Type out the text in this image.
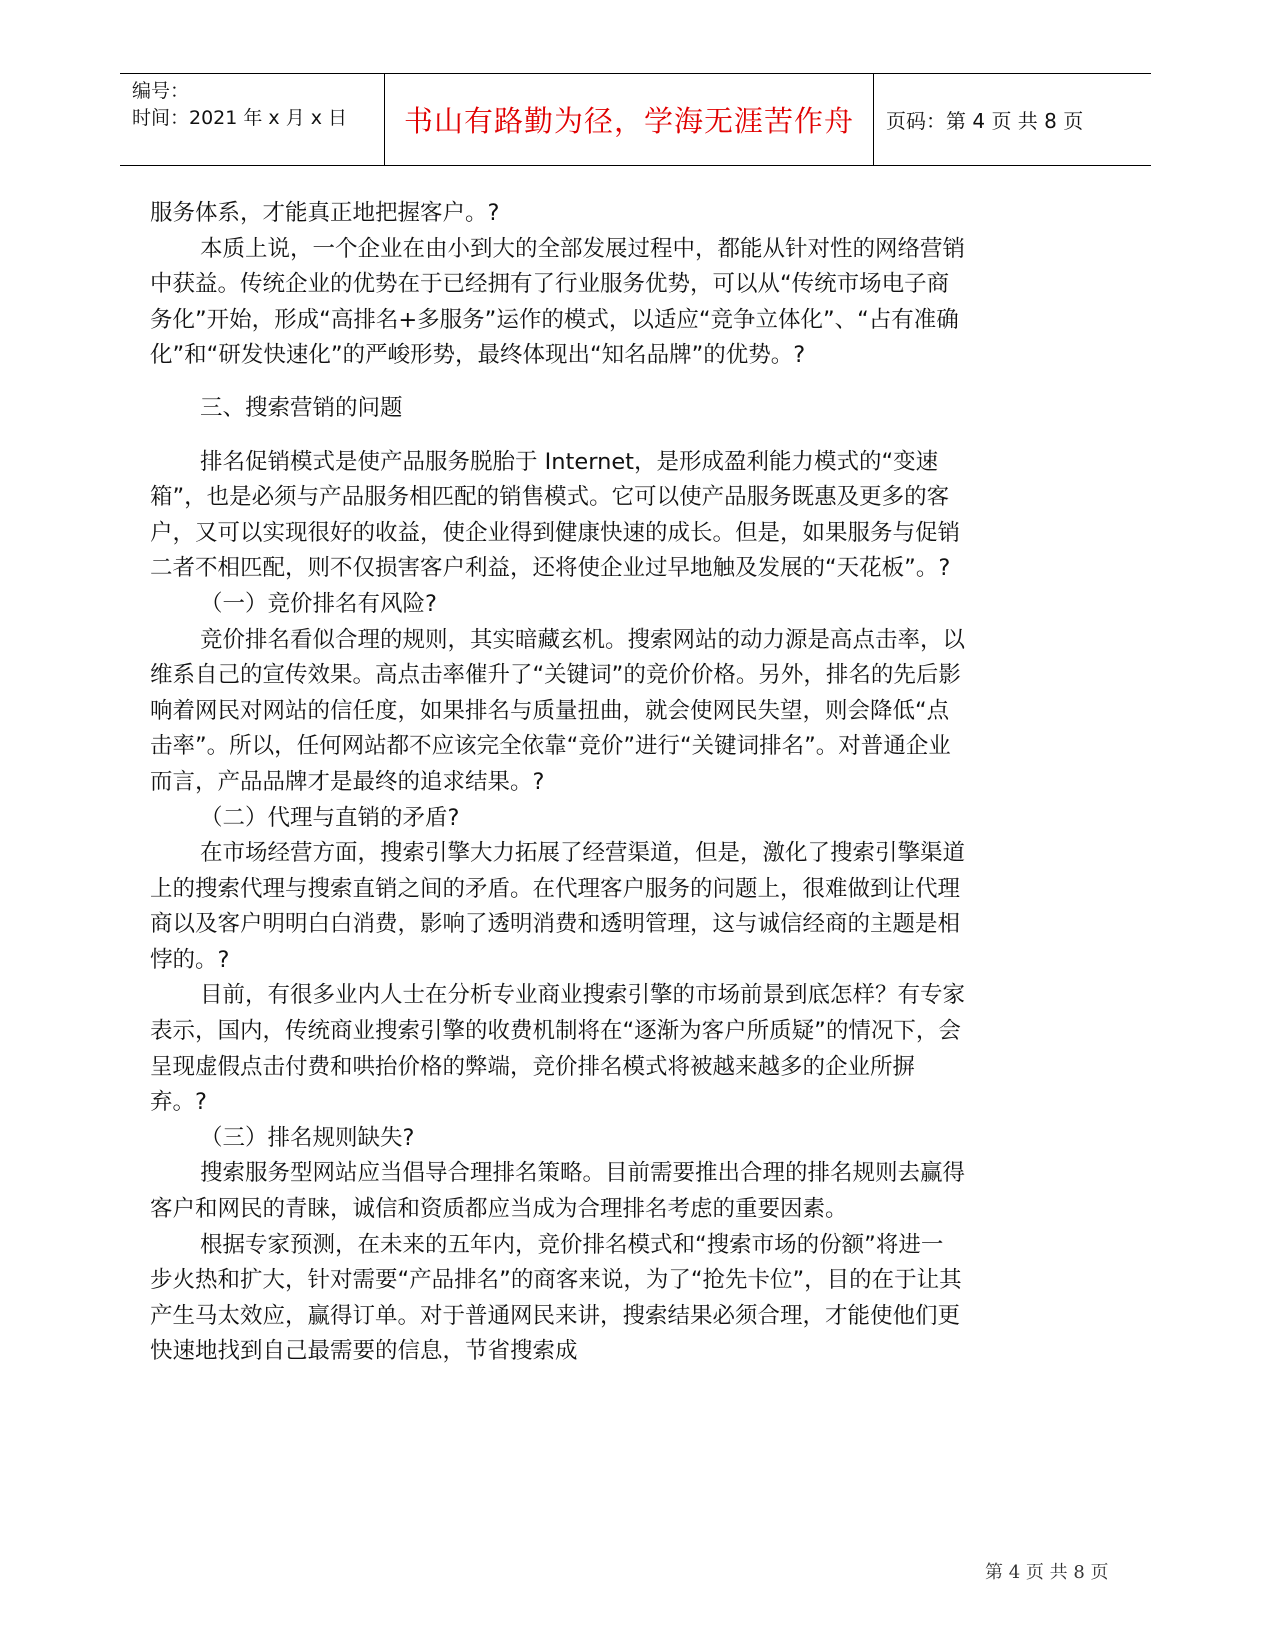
编号：
时间：2021 年 x 月 x 日	书山有路勤为径，学海无涯苦作舟	页码：第 4 页 共 8 页

服务体系，才能真正地把握客户。?

本质上说，一个企业在由小到大的全部发展过程中，都能从针对性的网络营销中获益。传统企业的优势在于已经拥有了行业服务优势，可以从“传统市场电子商务化”开始，形成“高排名+多服务”运作的模式，以适应“竞争立体化”、“占有准确化”和“研发快速化”的严峻形势，最终体现出“知名品牌”的优势。?

三、搜索营销的问题

排名促销模式是使产品服务脱胎于 Internet，是形成盈利能力模式的“变速箱”，也是必须与产品服务相匹配的销售模式。它可以使产品服务既惠及更多的客户，又可以实现很好的收益，使企业得到健康快速的成长。但是，如果服务与促销二者不相匹配，则不仅损害客户利益，还将使企业过早地触及发展的“天花板”。?

（一）竞价排名有风险?

竞价排名看似合理的规则，其实暗藏玄机。搜索网站的动力源是高点击率，以维系自己的宣传效果。高点击率催升了“关键词”的竞价价格。另外，排名的先后影响着网民对网站的信任度，如果排名与质量扭曲，就会使网民失望，则会降低“点击率”。所以，任何网站都不应该完全依靠“竞价”进行“关键词排名”。对普通企业而言，产品品牌才是最终的追求结果。?

（二）代理与直销的矛盾?

在市场经营方面，搜索引擎大力拓展了经营渠道，但是，激化了搜索引擎渠道上的搜索代理与搜索直销之间的矛盾。在代理客户服务的问题上，很难做到让代理商以及客户明明白白消费，影响了透明消费和透明管理，这与诚信经商的主题是相悖的。?

目前，有很多业内人士在分析专业商业搜索引擎的市场前景到底怎样？有专家表示，国内，传统商业搜索引擎的收费机制将在“逐渐为客户所质疑”的情况下，会呈现虚假点击付费和哄抬价格的弊端，竞价排名模式将被越来越多的企业所摒弃。?

（三）排名规则缺失?

搜索服务型网站应当倡导合理排名策略。目前需要推出合理的排名规则去赢得客户和网民的青睐，诚信和资质都应当成为合理排名考虑的重要因素。

根据专家预测，在未来的五年内，竞价排名模式和“搜索市场的份额”将进一步火热和扩大，针对需要“产品排名”的商客来说，为了“抢先卡位”，目的在于让其产生马太效应，赢得订单。对于普通网民来讲，搜索结果必须合理，才能使他们更快速地找到自己最需要的信息，节省搜索成

第 4 页 共 8 页
